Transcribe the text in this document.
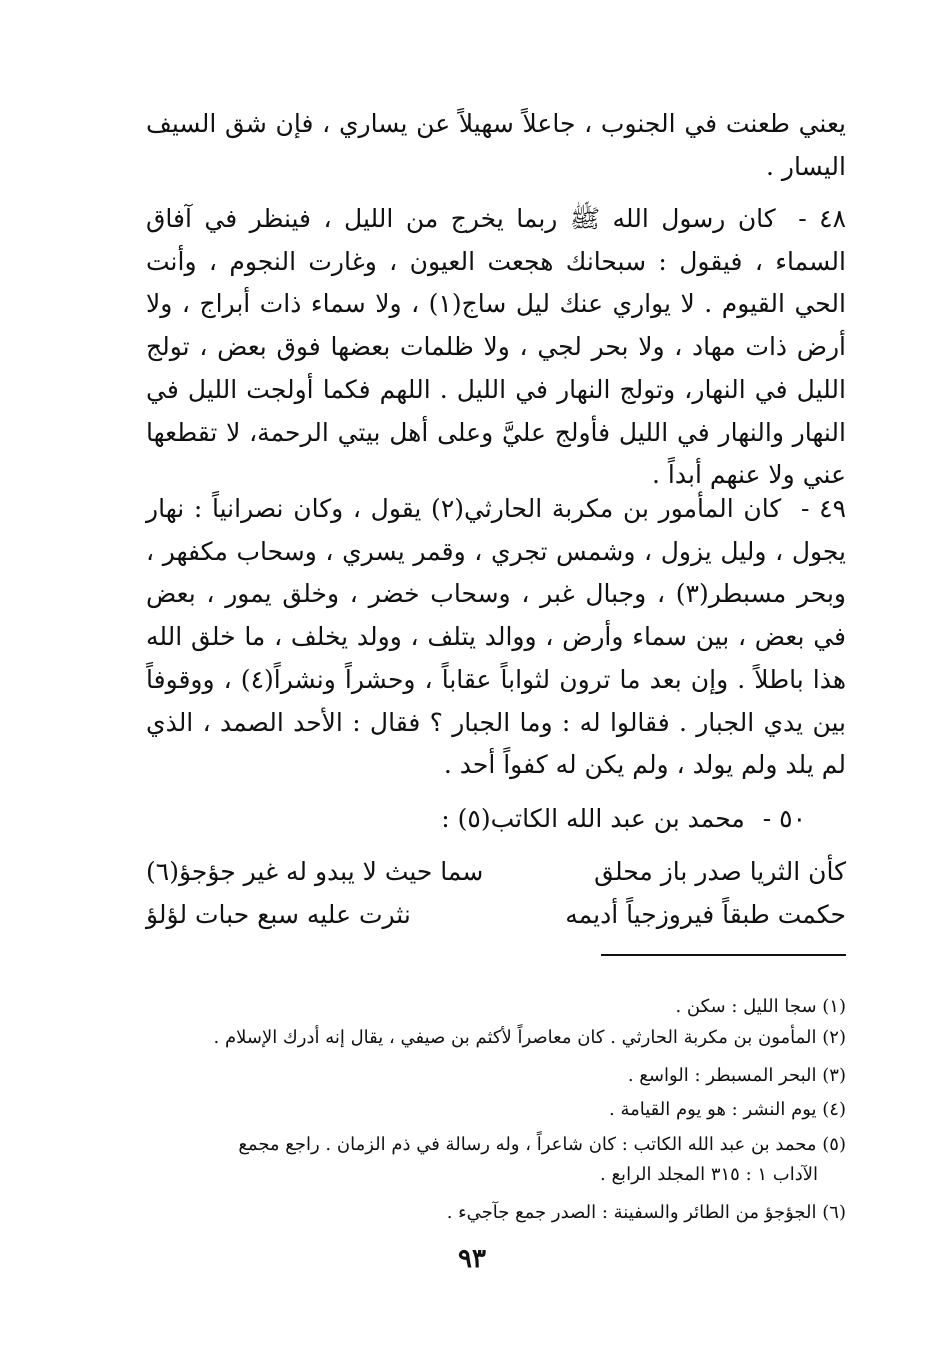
يعني طعنت في الجنوب ، جاعلاً سهيلاً عن يساري ، فإن شق السيف اليسار .

٤٨ - كان رسول الله ﷺ ربما يخرج من الليل ، فينظر في آفاق السماء ، فيقول : سبحانك هجعت العيون ، وغارت النجوم ، وأنت الحي القيوم . لا يواري عنك ليل ساج(١) ، ولا سماء ذات أبراج ، ولا أرض ذات مهاد ، ولا بحر لجي ، ولا ظلمات بعضها فوق بعض ، تولج الليل في النهار، وتولج النهار في الليل . اللهم فكما أولجت الليل في النهار والنهار في الليل فأولج عليَّ وعلى أهل بيتي الرحمة، لا تقطعها عني ولا عنهم أبداً .

٤٩ - كان المأمور بن مكربة الحارثي(٢) يقول ، وكان نصرانياً : نهار يجول ، وليل يزول ، وشمس تجري ، وقمر يسري ، وسحاب مكفهر ، وبحر مسبطر(٣) ، وجبال غبر ، وسحاب خضر ، وخلق يمور ، بعض في بعض ، بين سماء وأرض ، ووالد يتلف ، وولد يخلف ، ما خلق الله هذا باطلاً . وإن بعد ما ترون لثواباً عقاباً ، وحشراً ونشراً(٤) ، ووقوفاً بين يدي الجبار . فقالوا له : وما الجبار ؟ فقال : الأحد الصمد ، الذي لم يلد ولم يولد ، ولم يكن له كفواً أحد .

٥٠ - محمد بن عبد الله الكاتب(٥) :

كأن الثريا صدر باز محلق
سما حيث لا يبدو له غير جؤجؤ(٦)
حكمت طبقاً فيروزجياً أديمه
نثرت عليه سبع حبات لؤلؤ

(١) سجا الليل : سكن .

(٢) المأمون بن مكربة الحارثي . كان معاصراً لأكثم بن صيفي ، يقال إنه أدرك الإسلام .

(٣) البحر المسبطر : الواسع .

(٤) يوم النشر : هو يوم القيامة .

(٥) محمد بن عبد الله الكاتب : كان شاعراً ، وله رسالة في ذم الزمان . راجع مجمع

الآداب ١ : ٣١٥ المجلد الرابع .

(٦) الجؤجؤ من الطائر والسفينة : الصدر جمع جآجيء .

٩٣
